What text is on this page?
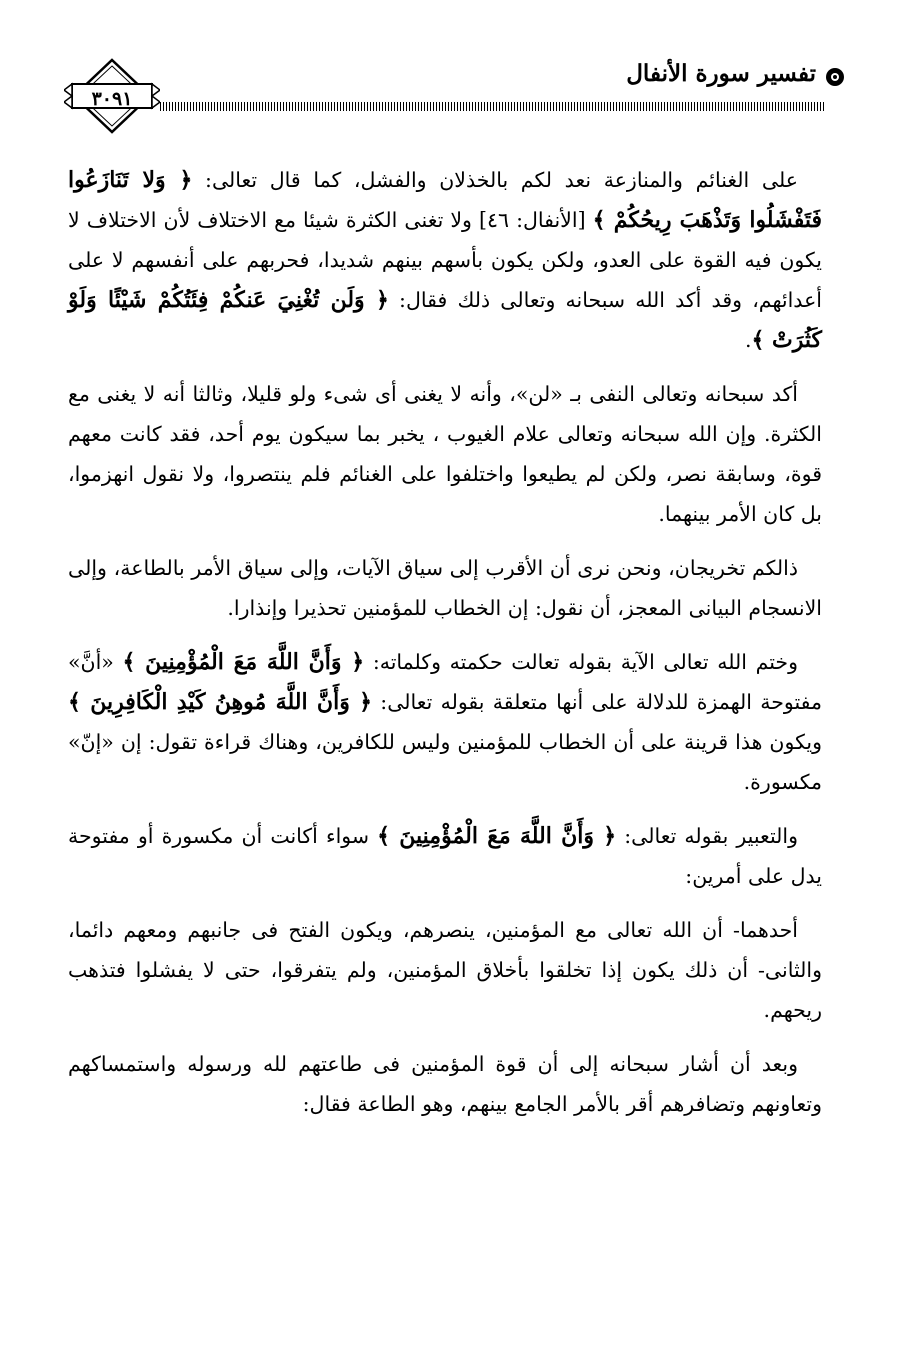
٣٠٩١
تفسير سورة الأنفال

على الغنائم والمنازعة نعد لكم بالخذلان والفشل، كما قال تعالى: ﴿ وَلا تَنَازَعُوا فَتَفْشَلُوا وَتَذْهَبَ رِيحُكُمْ ﴾ [الأنفال: ٤٦] ولا تغنى الكثرة شيئا مع الاختلاف لأن الاختلاف لا يكون فيه القوة على العدو، ولكن يكون بأسهم بينهم شديدا، فحربهم على أنفسهم لا على أعدائهم، وقد أكد الله سبحانه وتعالى ذلك فقال: ﴿ وَلَن تُغْنِيَ عَنكُمْ فِئَتُكُمْ شَيْئًا وَلَوْ كَثُرَتْ ﴾.

أكد سبحانه وتعالى النفى بـ «لن»، وأنه لا يغنى أى شىء ولو قليلا، وثالثا أنه لا يغنى مع الكثرة. وإن الله سبحانه وتعالى علام الغيوب ، يخبر بما سيكون يوم أحد، فقد كانت معهم قوة، وسابقة نصر، ولكن لم يطيعوا واختلفوا على الغنائم فلم ينتصروا، ولا نقول انهزموا، بل كان الأمر بينهما.

ذالكم تخريجان، ونحن نرى أن الأقرب إلى سياق الآيات، وإلى سياق الأمر بالطاعة، وإلى الانسجام البيانى المعجز، أن نقول: إن الخطاب للمؤمنين تحذيرا وإنذارا.

وختم الله تعالى الآية بقوله تعالت حكمته وكلماته: ﴿ وَأَنَّ اللَّهَ مَعَ الْمُؤْمِنِينَ ﴾ «أنَّ» مفتوحة الهمزة للدلالة على أنها متعلقة بقوله تعالى: ﴿ وَأَنَّ اللَّهَ مُوهِنُ كَيْدِ الْكَافِرِينَ ﴾ ويكون هذا قرينة على أن الخطاب للمؤمنين وليس للكافرين، وهناك قراءة تقول: إن «إنّ» مكسورة.

والتعبير بقوله تعالى: ﴿ وَأَنَّ اللَّهَ مَعَ الْمُؤْمِنِينَ ﴾ سواء أكانت أن مكسورة أو مفتوحة يدل على أمرين:

أحدهما- أن الله تعالى مع المؤمنين، ينصرهم، ويكون الفتح فى جانبهم ومعهم دائما، والثانى- أن ذلك يكون إذا تخلقوا بأخلاق المؤمنين، ولم يتفرقوا، حتى لا يفشلوا فتذهب ريحهم.

وبعد أن أشار سبحانه إلى أن قوة المؤمنين فى طاعتهم لله ورسوله واستمساكهم وتعاونهم وتضافرهم أقر بالأمر الجامع بينهم، وهو الطاعة فقال:
